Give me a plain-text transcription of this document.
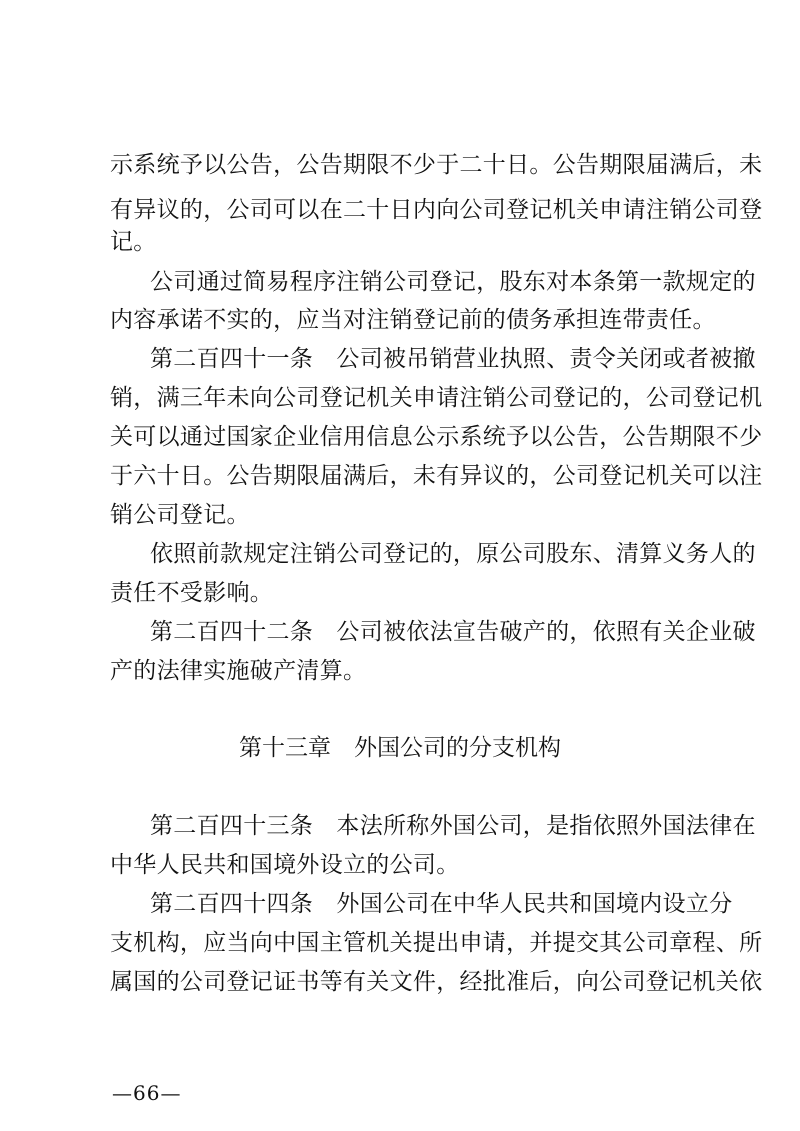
示系统予以公告，公告期限不少于二十日。公告期限届满后，未
有异议的，公司可以在二十日内向公司登记机关申请注销公司登
记。
公司通过简易程序注销公司登记，股东对本条第一款规定的
内容承诺不实的，应当对注销登记前的债务承担连带责任。
第二百四十一条　公司被吊销营业执照、责令关闭或者被撤
销，满三年未向公司登记机关申请注销公司登记的，公司登记机
关可以通过国家企业信用信息公示系统予以公告，公告期限不少
于六十日。公告期限届满后，未有异议的，公司登记机关可以注
销公司登记。
依照前款规定注销公司登记的，原公司股东、清算义务人的
责任不受影响。
第二百四十二条　公司被依法宣告破产的，依照有关企业破
产的法律实施破产清算。
第十三章　外国公司的分支机构
第二百四十三条　本法所称外国公司，是指依照外国法律在
中华人民共和国境外设立的公司。
第二百四十四条　外国公司在中华人民共和国境内设立分
支机构，应当向中国主管机关提出申请，并提交其公司章程、所
属国的公司登记证书等有关文件，经批准后，向公司登记机关依
—66—
